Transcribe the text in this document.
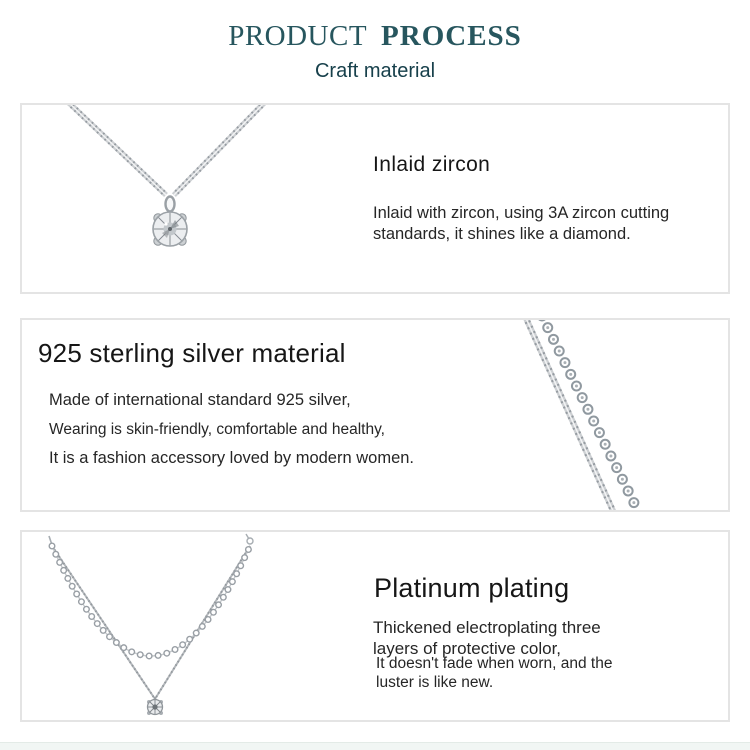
PRODUCT PROCESS
Craft material
Inlaid zircon

Inlaid with zircon, using 3A zircon cutting standards, it shines like a diamond.

925 sterling silver material

Made of international standard 925 silver,

Wearing is skin-friendly, comfortable and healthy,

It is a fashion accessory loved by modern women.

Platinum plating

Thickened electroplating three layers of protective color,

It doesn't fade when worn, and the luster is like new.
